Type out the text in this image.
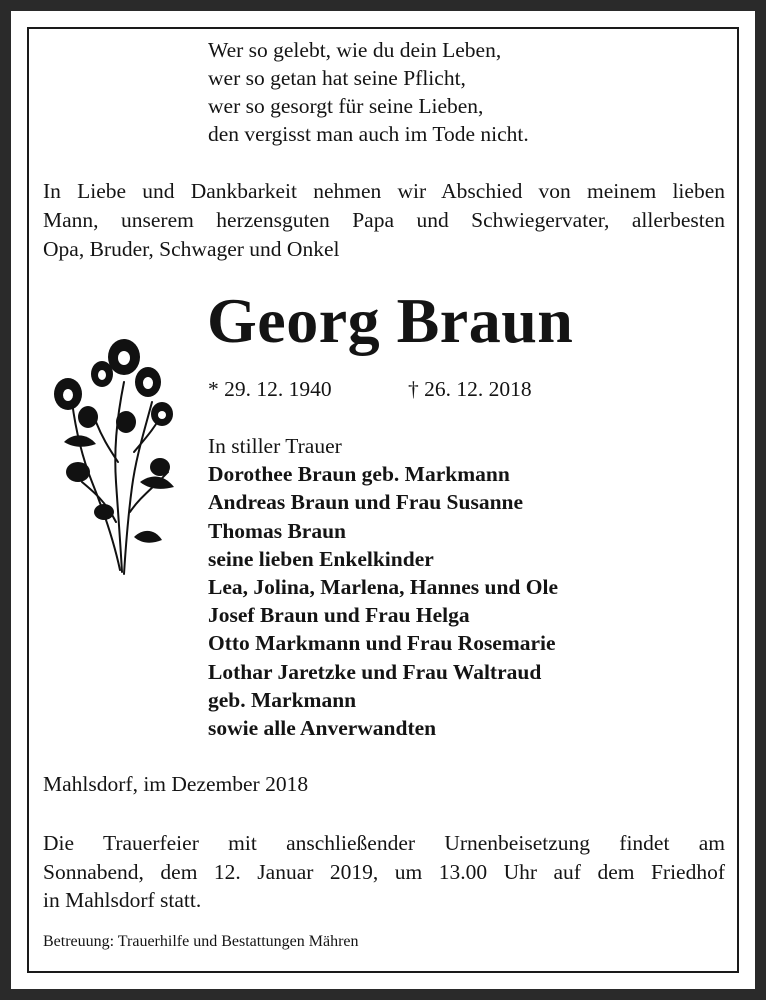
Wer so gelebt, wie du dein Leben,
wer so getan hat seine Pflicht,
wer so gesorgt für seine Lieben,
den vergisst man auch im Tode nicht.
In Liebe und Dankbarkeit nehmen wir Abschied von meinem lieben
Mann, unserem herzensguten Papa und Schwiegervater, allerbesten
Opa, Bruder, Schwager und Onkel
Georg Braun
* 29. 12. 1940	† 26. 12. 2018
In stiller Trauer
Dorothee Braun geb. Markmann
Andreas Braun und Frau Susanne
Thomas Braun
seine lieben Enkelkinder
Lea, Jolina, Marlena, Hannes und Ole
Josef Braun und Frau Helga
Otto Markmann und Frau Rosemarie
Lothar Jaretzke und Frau Waltraud
geb. Markmann
sowie alle Anverwandten
Mahlsdorf, im Dezember 2018
Die Trauerfeier mit anschließender Urnenbeisetzung findet am
Sonnabend, dem 12. Januar 2019, um 13.00 Uhr auf dem Friedhof
in Mahlsdorf statt.
Betreuung: Trauerhilfe und Bestattungen Mähren
